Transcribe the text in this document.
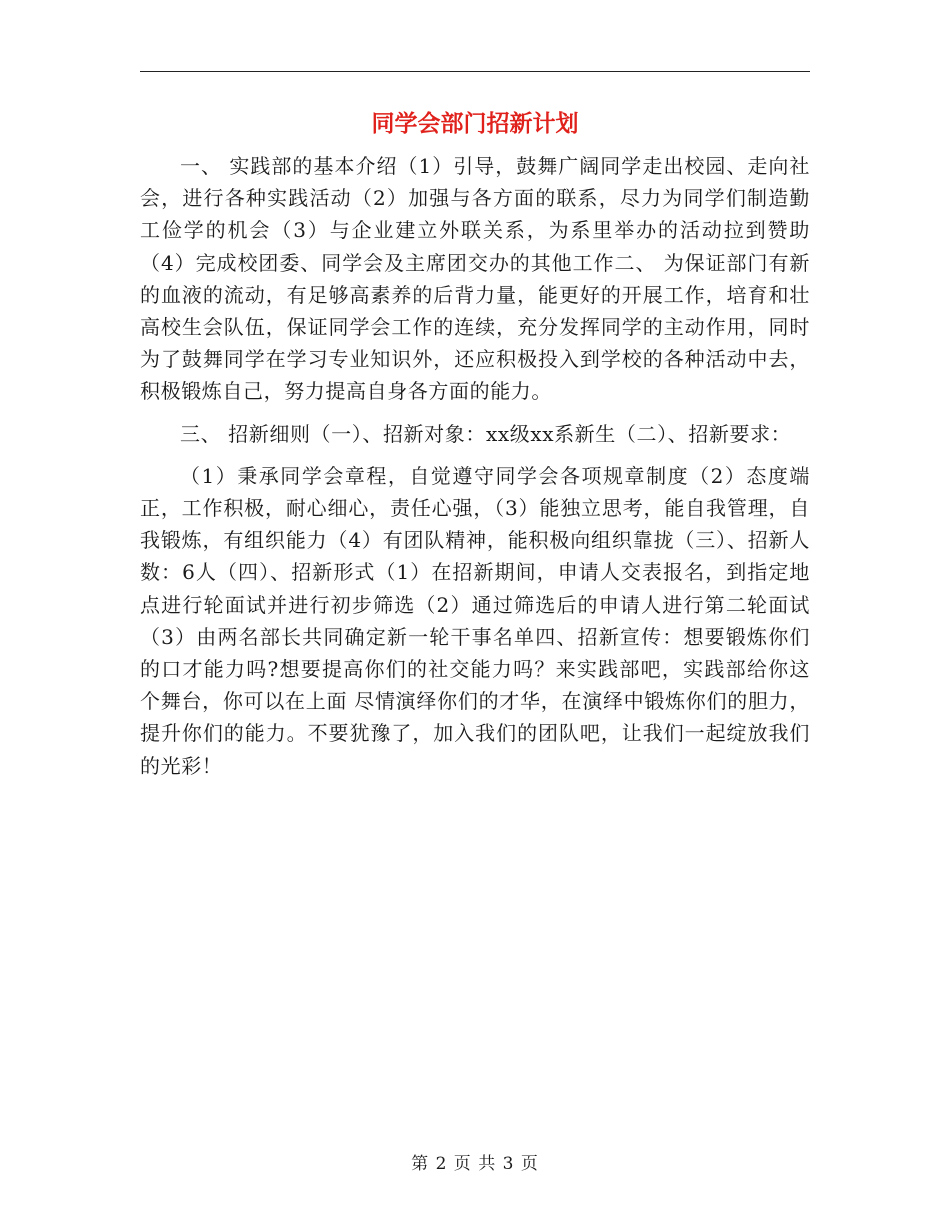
同学会部门招新计划

一、 实践部的基本介绍（1）引导，鼓舞广阔同学走出校园、走向社会，进行各种实践活动（2）加强与各方面的联系，尽力为同学们制造勤工俭学的机会（3）与企业建立外联关系，为系里举办的活动拉到赞助（4）完成校团委、同学会及主席团交办的其他工作二、 为保证部门有新的血液的流动，有足够高素养的后背力量，能更好的开展工作，培育和壮高校生会队伍，保证同学会工作的连续，充分发挥同学的主动作用，同时为了鼓舞同学在学习专业知识外，还应积极投入到学校的各种活动中去，积极锻炼自己，努力提高自身各方面的能力。

三、 招新细则（一）、招新对象：xx级xx系新生（二）、招新要求：

（1）秉承同学会章程，自觉遵守同学会各项规章制度（2）态度端正，工作积极，耐心细心，责任心强，（3）能独立思考，能自我管理，自我锻炼，有组织能力（4）有团队精神，能积极向组织靠拢（三）、招新人数：6人（四）、招新形式（1）在招新期间，申请人交表报名，到指定地点进行轮面试并进行初步筛选（2）通过筛选后的申请人进行第二轮面试（3）由两名部长共同确定新一轮干事名单四、招新宣传：想要锻炼你们的口才能力吗?想要提高你们的社交能力吗？来实践部吧，实践部给你这个舞台，你可以在上面 尽情演绎你们的才华，在演绎中锻炼你们的胆力，提升你们的能力。不要犹豫了，加入我们的团队吧，让我们一起绽放我们的光彩！

第 2 页 共 3 页
